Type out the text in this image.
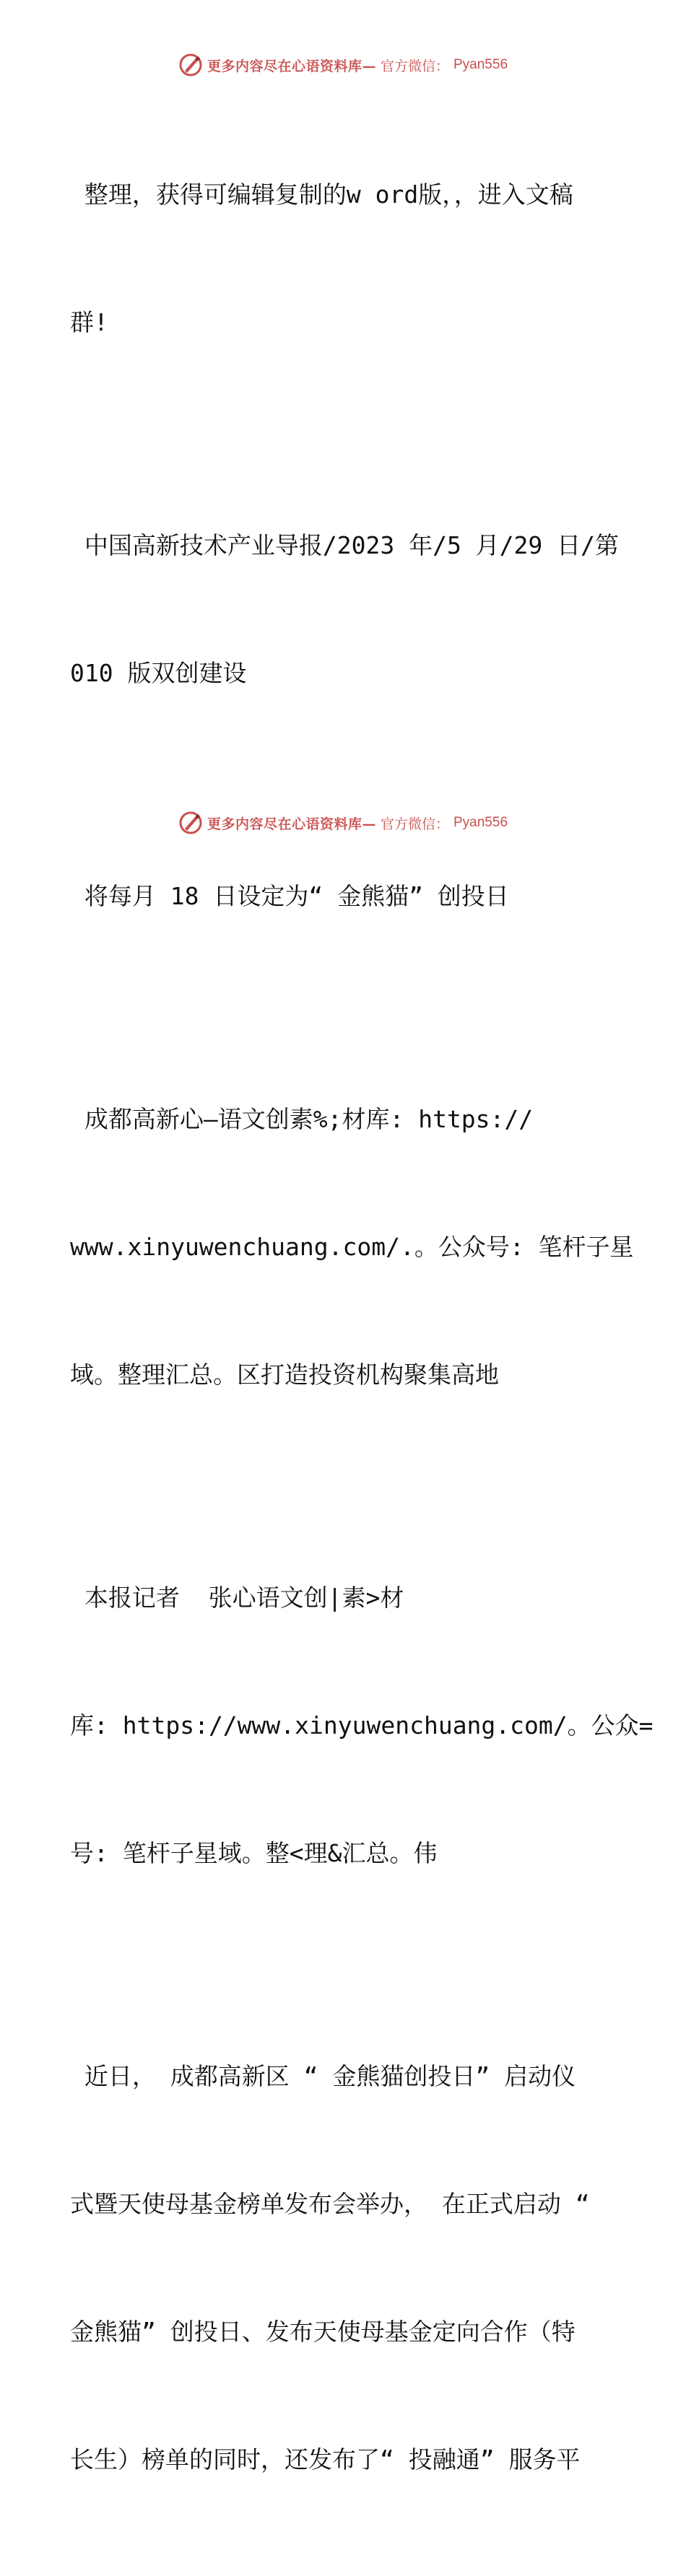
更多内容尽在心语资料库— 官方微信： Pyan556

整理，获得可编辑复制的w ord版，，进入文稿

群!

中国高新技术产业导报/2023 年/5 月/29 日/第

010 版双创建设

将每月 18 日设定为“ 金熊猫” 创投日

成都高新心—语文创素%;材库: https://

www.xinyuwenchuang.com/.。公众号: 笔杆子星

域。整理汇总。区打造投资机构聚集高地

本报记者  张心语文创|素>材

库: https://www.xinyuwenchuang.com/。公众=

号: 笔杆子星域。整<理&汇总。伟

近日， 成都高新区 “ 金熊猫创投日” 启动仪

式暨天使母基金榜单发布会举办， 在正式启动 “

金熊猫” 创投日、发布天使母基金定向合作（特

长生）榜单的同时，还发布了“ 投融通” 服务平

更多内容尽在心语资料库— 官方微信： Pyan556
